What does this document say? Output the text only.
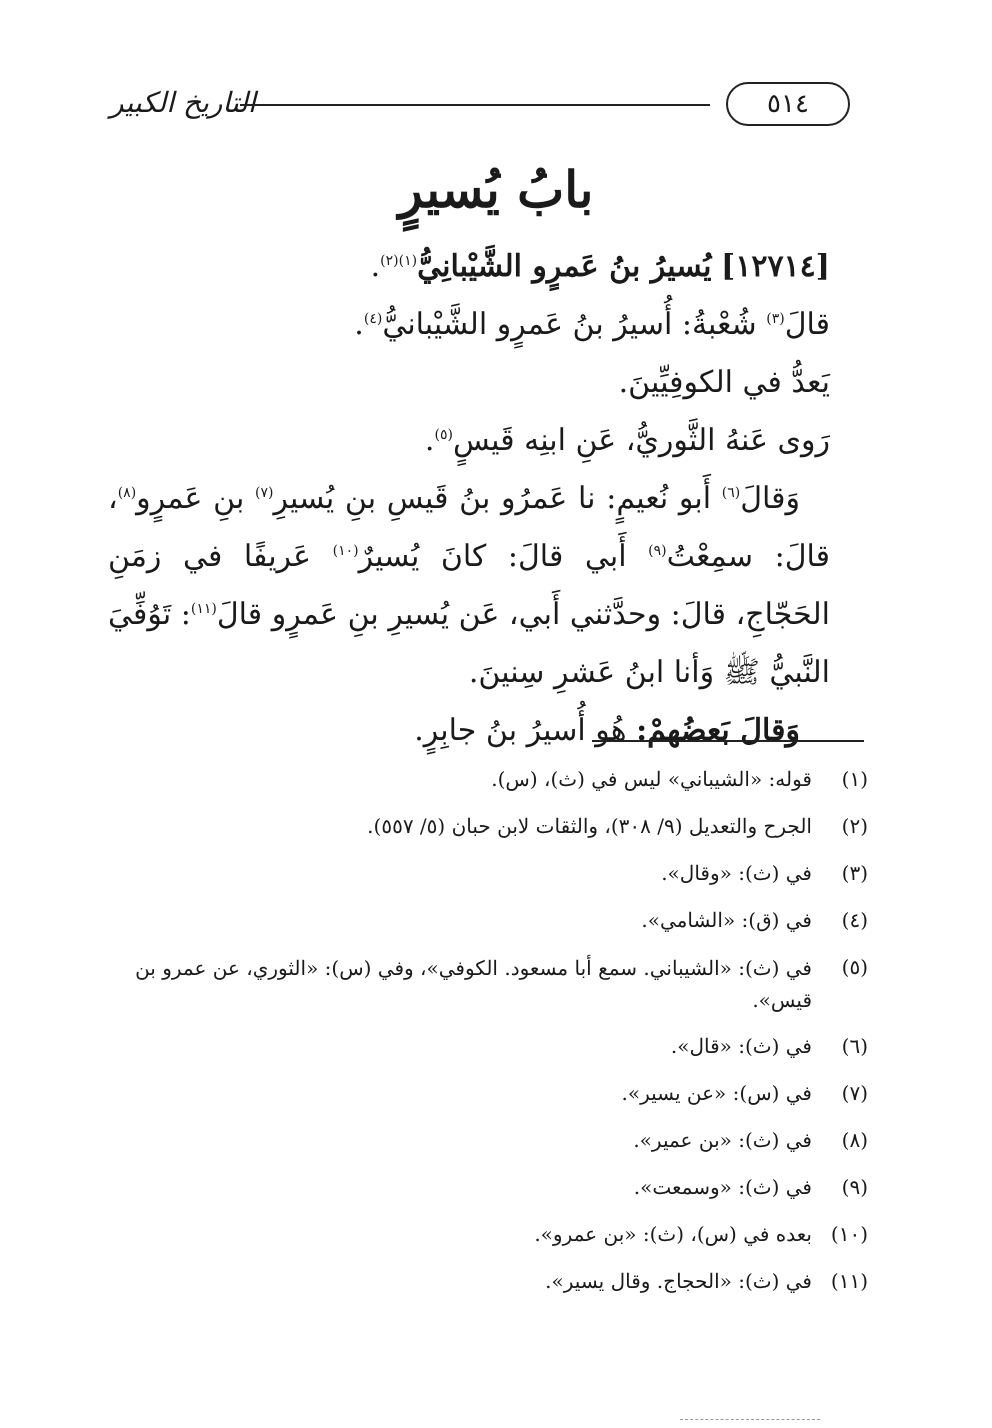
التاريخ الكبير	٥١٤
بابُ يُسيرٍ

[١٢٧١٤] يُسيرُ بنُ عَمرٍو الشَّيْبانِيُّ$^{(١)(٢)}$.

قالَ$^{(٣)}$ شُعْبةُ: أُسيرُ بنُ عَمرٍو الشَّيْبانيُّ$^{(٤)}$.

يَعدُّ في الكوفِيِّينَ.

رَوى عَنهُ الثَّوريُّ، عَنِ ابنِه قَيسٍ$^{(٥)}$.

 وَقالَ$^{(٦)}$ أَبو نُعيمٍ: نا عَمرُو بنُ قَيسِ بنِ يُسيرِ$^{(٧)}$ بنِ عَمرٍو$^{(٨)}$، قالَ: سمِعْتُ$^{(٩)}$ أَبي قالَ: كانَ يُسيرٌ$^{(١٠)}$ عَريفًا في زمَنِ الحَجّاجِ، قالَ: وحدَّثني أَبي، عَن يُسيرِ بنِ عَمرٍو قالَ$^{(١١)}$: تَوُفِّيَ النَّبيُّ ﷺ وَأنا ابنُ عَشرِ سِنينَ.

 وَقالَ بَعضُهمْ: هُو أُسيرُ بنُ جابِرٍ.

(١)
قوله: «الشيباني» ليس في (ث)، (س).
(٢)
الجرح والتعديل (٩/ ٣٠٨)، والثقات لابن حبان (٥/ ٥٥٧).
(٣)
في (ث): «وقال».
(٤)
في (ق): «الشامي».
(٥)
في (ث): «الشيباني. سمع أبا مسعود. الكوفي»، وفي (س): «الثوري، عن عمرو بن قيس».
(٦)
في (ث): «قال».
(٧)
في (س): «عن يسير».
(٨)
في (ث): «بن عمير».
(٩)
في (ث): «وسمعت».
(١٠)
بعده في (س)، (ث): «بن عمرو».
(١١)
في (ث): «الحجاج. وقال يسير».
